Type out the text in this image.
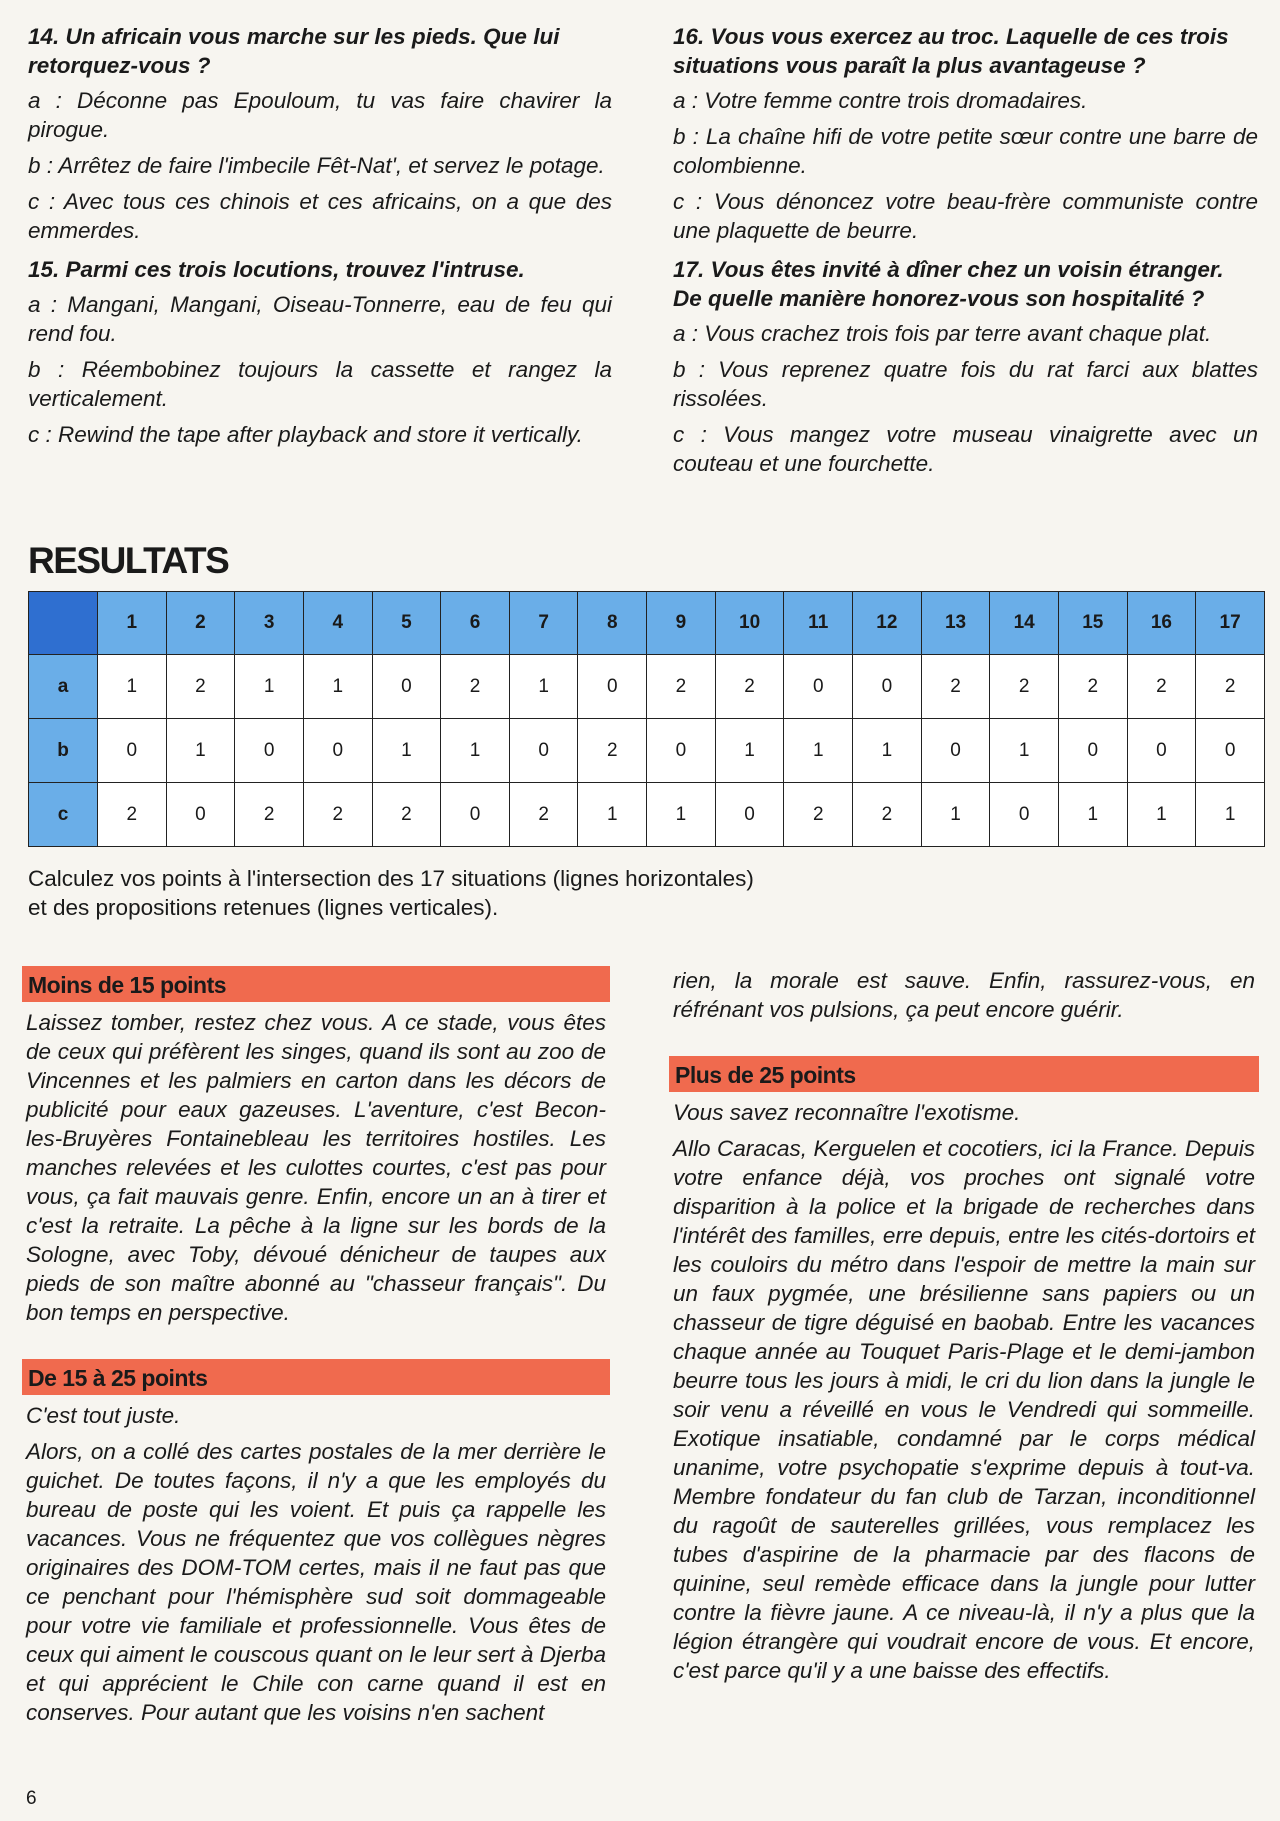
14. Un africain vous marche sur les pieds. Que lui retorquez-vous ?

a : Déconne pas Epouloum, tu vas faire chavirer la pirogue.

b : Arrêtez de faire l'imbecile Fêt-Nat', et servez le potage.

c : Avec tous ces chinois et ces africains, on a que des emmerdes.

15. Parmi ces trois locutions, trouvez l'intruse.

a : Mangani, Mangani, Oiseau-Tonnerre, eau de feu qui rend fou.

b : Réembobinez toujours la cassette et rangez la verticalement.

c : Rewind the tape after playback and store it vertically.

16. Vous vous exercez au troc. Laquelle de ces trois situations vous paraît la plus avantageuse ?

a : Votre femme contre trois dromadaires.

b : La chaîne hifi de votre petite sœur contre une barre de colombienne.

c : Vous dénoncez votre beau-frère communiste contre une plaquette de beurre.

17. Vous êtes invité à dîner chez un voisin étranger. De quelle manière honorez-vous son hospitalité ?

a : Vous crachez trois fois par terre avant chaque plat.

b : Vous reprenez quatre fois du rat farci aux blattes rissolées.

c : Vous mangez votre museau vinaigrette avec un couteau et une fourchette.

RESULTATS
	1	2	3	4	5	6	7	8	9	10	11	12	13	14	15	16	17
a	1	2	1	1	0	2	1	0	2	2	0	0	2	2	2	2	2
b	0	1	0	0	1	1	0	2	0	1	1	1	0	1	0	0	0
c	2	0	2	2	2	0	2	1	1	0	2	2	1	0	1	1	1
Calculez vos points à l'intersection des 17 situations (lignes horizontales)
et des propositions retenues (lignes verticales).
Moins de 15 points

Laissez tomber, restez chez vous. A ce stade, vous êtes de ceux qui préfèrent les singes, quand ils sont au zoo de Vincennes et les palmiers en carton dans les décors de publicité pour eaux gazeuses. L'aventure, c'est Becon-les-Bruyères Fontainebleau les territoires hostiles. Les manches relevées et les culottes courtes, c'est pas pour vous, ça fait mauvais genre. Enfin, encore un an à tirer et c'est la retraite. La pêche à la ligne sur les bords de la Sologne, avec Toby, dévoué dénicheur de taupes aux pieds de son maître abonné au "chasseur français". Du bon temps en perspective.

De 15 à 25 points

C'est tout juste.

Alors, on a collé des cartes postales de la mer derrière le guichet. De toutes façons, il n'y a que les employés du bureau de poste qui les voient. Et puis ça rappelle les vacances. Vous ne fréquentez que vos collègues nègres originaires des DOM-TOM certes, mais il ne faut pas que ce penchant pour l'hémisphère sud soit dommageable pour votre vie familiale et professionnelle. Vous êtes de ceux qui aiment le couscous quant on le leur sert à Djerba et qui apprécient le Chile con carne quand il est en conserves. Pour autant que les voisins n'en sachent

rien, la morale est sauve. Enfin, rassurez-vous, en réfrénant vos pulsions, ça peut encore guérir.

Plus de 25 points

Vous savez reconnaître l'exotisme.

Allo Caracas, Kerguelen et cocotiers, ici la France. Depuis votre enfance déjà, vos proches ont signalé votre disparition à la police et la brigade de recherches dans l'intérêt des familles, erre depuis, entre les cités-dortoirs et les couloirs du métro dans l'espoir de mettre la main sur un faux pygmée, une brésilienne sans papiers ou un chasseur de tigre déguisé en baobab. Entre les vacances chaque année au Touquet Paris-Plage et le demi-jambon beurre tous les jours à midi, le cri du lion dans la jungle le soir venu a réveillé en vous le Vendredi qui sommeille. Exotique insatiable, condamné par le corps médical unanime, votre psychopatie s'exprime depuis à tout-va. Membre fondateur du fan club de Tarzan, inconditionnel du ragoût de sauterelles grillées, vous remplacez les tubes d'aspirine de la pharmacie par des flacons de quinine, seul remède efficace dans la jungle pour lutter contre la fièvre jaune. A ce niveau-là, il n'y a plus que la légion étrangère qui voudrait encore de vous. Et encore, c'est parce qu'il y a une baisse des effectifs.

6
